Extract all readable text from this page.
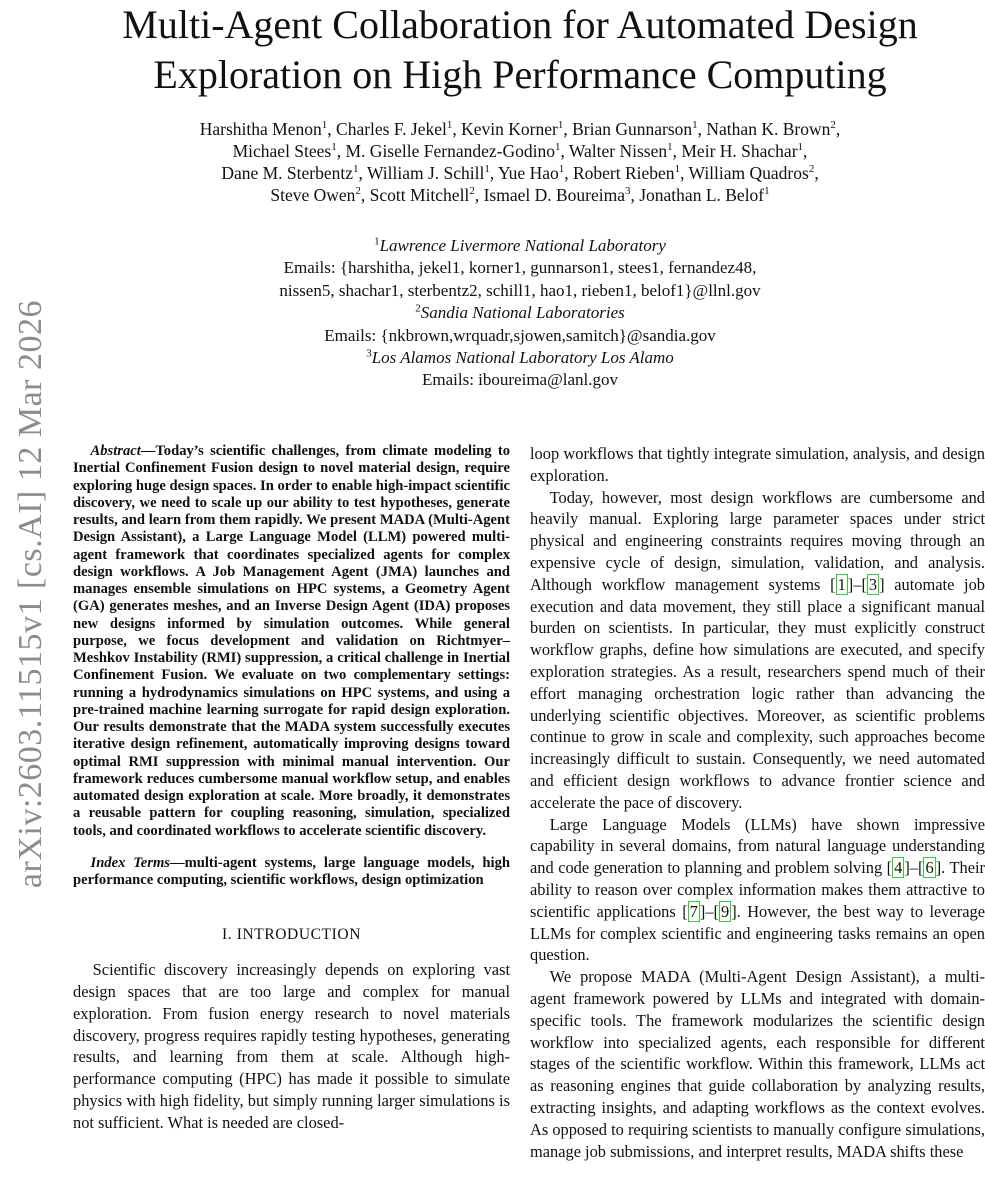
arXiv:2603.11515v1 [cs.AI] 12 Mar 2026
Multi-Agent Collaboration for Automated Design
Exploration on High Performance Computing
Harshitha Menon$^1$, Charles F. Jekel$^1$, Kevin Korner$^1$, Brian Gunnarson$^1$, Nathan K. Brown$^2$,
Michael Stees$^1$, M. Giselle Fernandez-Godino$^1$, Walter Nissen$^1$, Meir H. Shachar$^1$,
Dane M. Sterbentz$^1$, William J. Schill$^1$, Yue Hao$^1$, Robert Rieben$^1$, William Quadros$^2$,
Steve Owen$^2$, Scott Mitchell$^2$, Ismael D. Boureima$^3$, Jonathan L. Belof$^1$
$^1$Lawrence Livermore National Laboratory
Emails: {harshitha, jekel1, korner1, gunnarson1, stees1, fernandez48,
nissen5, shachar1, sterbentz2, schill1, hao1, rieben1, belof1}@llnl.gov
$^2$Sandia National Laboratories
Emails: {nkbrown,wrquadr,sjowen,samitch}@sandia.gov
$^3$Los Alamos National Laboratory Los Alamo
Emails: iboureima@lanl.gov

Abstract—Today’s scientific challenges, from climate modeling to Inertial Confinement Fusion design to novel material design, require exploring huge design spaces. In order to enable high-impact scientific discovery, we need to scale up our ability to test hypotheses, generate results, and learn from them rapidly. We present MADA (Multi-Agent Design Assistant), a Large Language Model (LLM) powered multi-agent framework that coordinates specialized agents for complex design workflows. A Job Management Agent (JMA) launches and manages ensemble simulations on HPC systems, a Geometry Agent (GA) generates meshes, and an Inverse Design Agent (IDA) proposes new designs informed by simulation outcomes. While general purpose, we focus development and validation on Richtmyer–Meshkov Instability (RMI) suppression, a critical challenge in Inertial Confinement Fusion. We evaluate on two complementary settings: running a hydrodynamics simulations on HPC systems, and using a pre-trained machine learning surrogate for rapid design exploration. Our results demonstrate that the MADA system successfully executes iterative design refinement, automatically improving designs toward optimal RMI suppression with minimal manual intervention. Our framework reduces cumbersome manual workflow setup, and enables automated design exploration at scale. More broadly, it demonstrates a reusable pattern for coupling reasoning, simulation, specialized tools, and coordinated workflows to accelerate scientific discovery.

Index Terms—multi-agent systems, large language models, high performance computing, scientific workflows, design optimization

I. INTRODUCTION

Scientific discovery increasingly depends on exploring vast design spaces that are too large and complex for manual exploration. From fusion energy research to novel materials discovery, progress requires rapidly testing hypotheses, generating results, and learning from them at scale. Although high-performance computing (HPC) has made it possible to simulate physics with high fidelity, but simply running larger simulations is not sufficient. What is needed are closed-

loop workflows that tightly integrate simulation, analysis, and design exploration.

Today, however, most design workflows are cumbersome and heavily manual. Exploring large parameter spaces under strict physical and engineering constraints requires moving through an expensive cycle of design, simulation, validation, and analysis. Although workflow management systems [ 1 ]–[ 3 ] automate job execution and data movement, they still place a significant manual burden on scientists. In particular, they must explicitly construct workflow graphs, define how simulations are executed, and specify exploration strategies. As a result, researchers spend much of their effort managing orchestration logic rather than advancing the underlying scientific objectives. Moreover, as scientific problems continue to grow in scale and complexity, such approaches become increasingly difficult to sustain. Consequently, we need automated and efficient design workflows to advance frontier science and accelerate the pace of discovery.

Large Language Models (LLMs) have shown impressive capability in several domains, from natural language understanding and code generation to planning and problem solving [ 4 ]–[ 6 ]. Their ability to reason over complex information makes them attractive to scientific applications [ 7 ]–[ 9 ]. However, the best way to leverage LLMs for complex scientific and engineering tasks remains an open question.

We propose MADA (Multi-Agent Design Assistant), a multi-agent framework powered by LLMs and integrated with domain-specific tools. The framework modularizes the scientific design workflow into specialized agents, each responsible for different stages of the scientific workflow. Within this framework, LLMs act as reasoning engines that guide collaboration by analyzing results, extracting insights, and adapting workflows as the context evolves. As opposed to requiring scientists to manually configure simulations, manage job submissions, and interpret results, MADA shifts these
